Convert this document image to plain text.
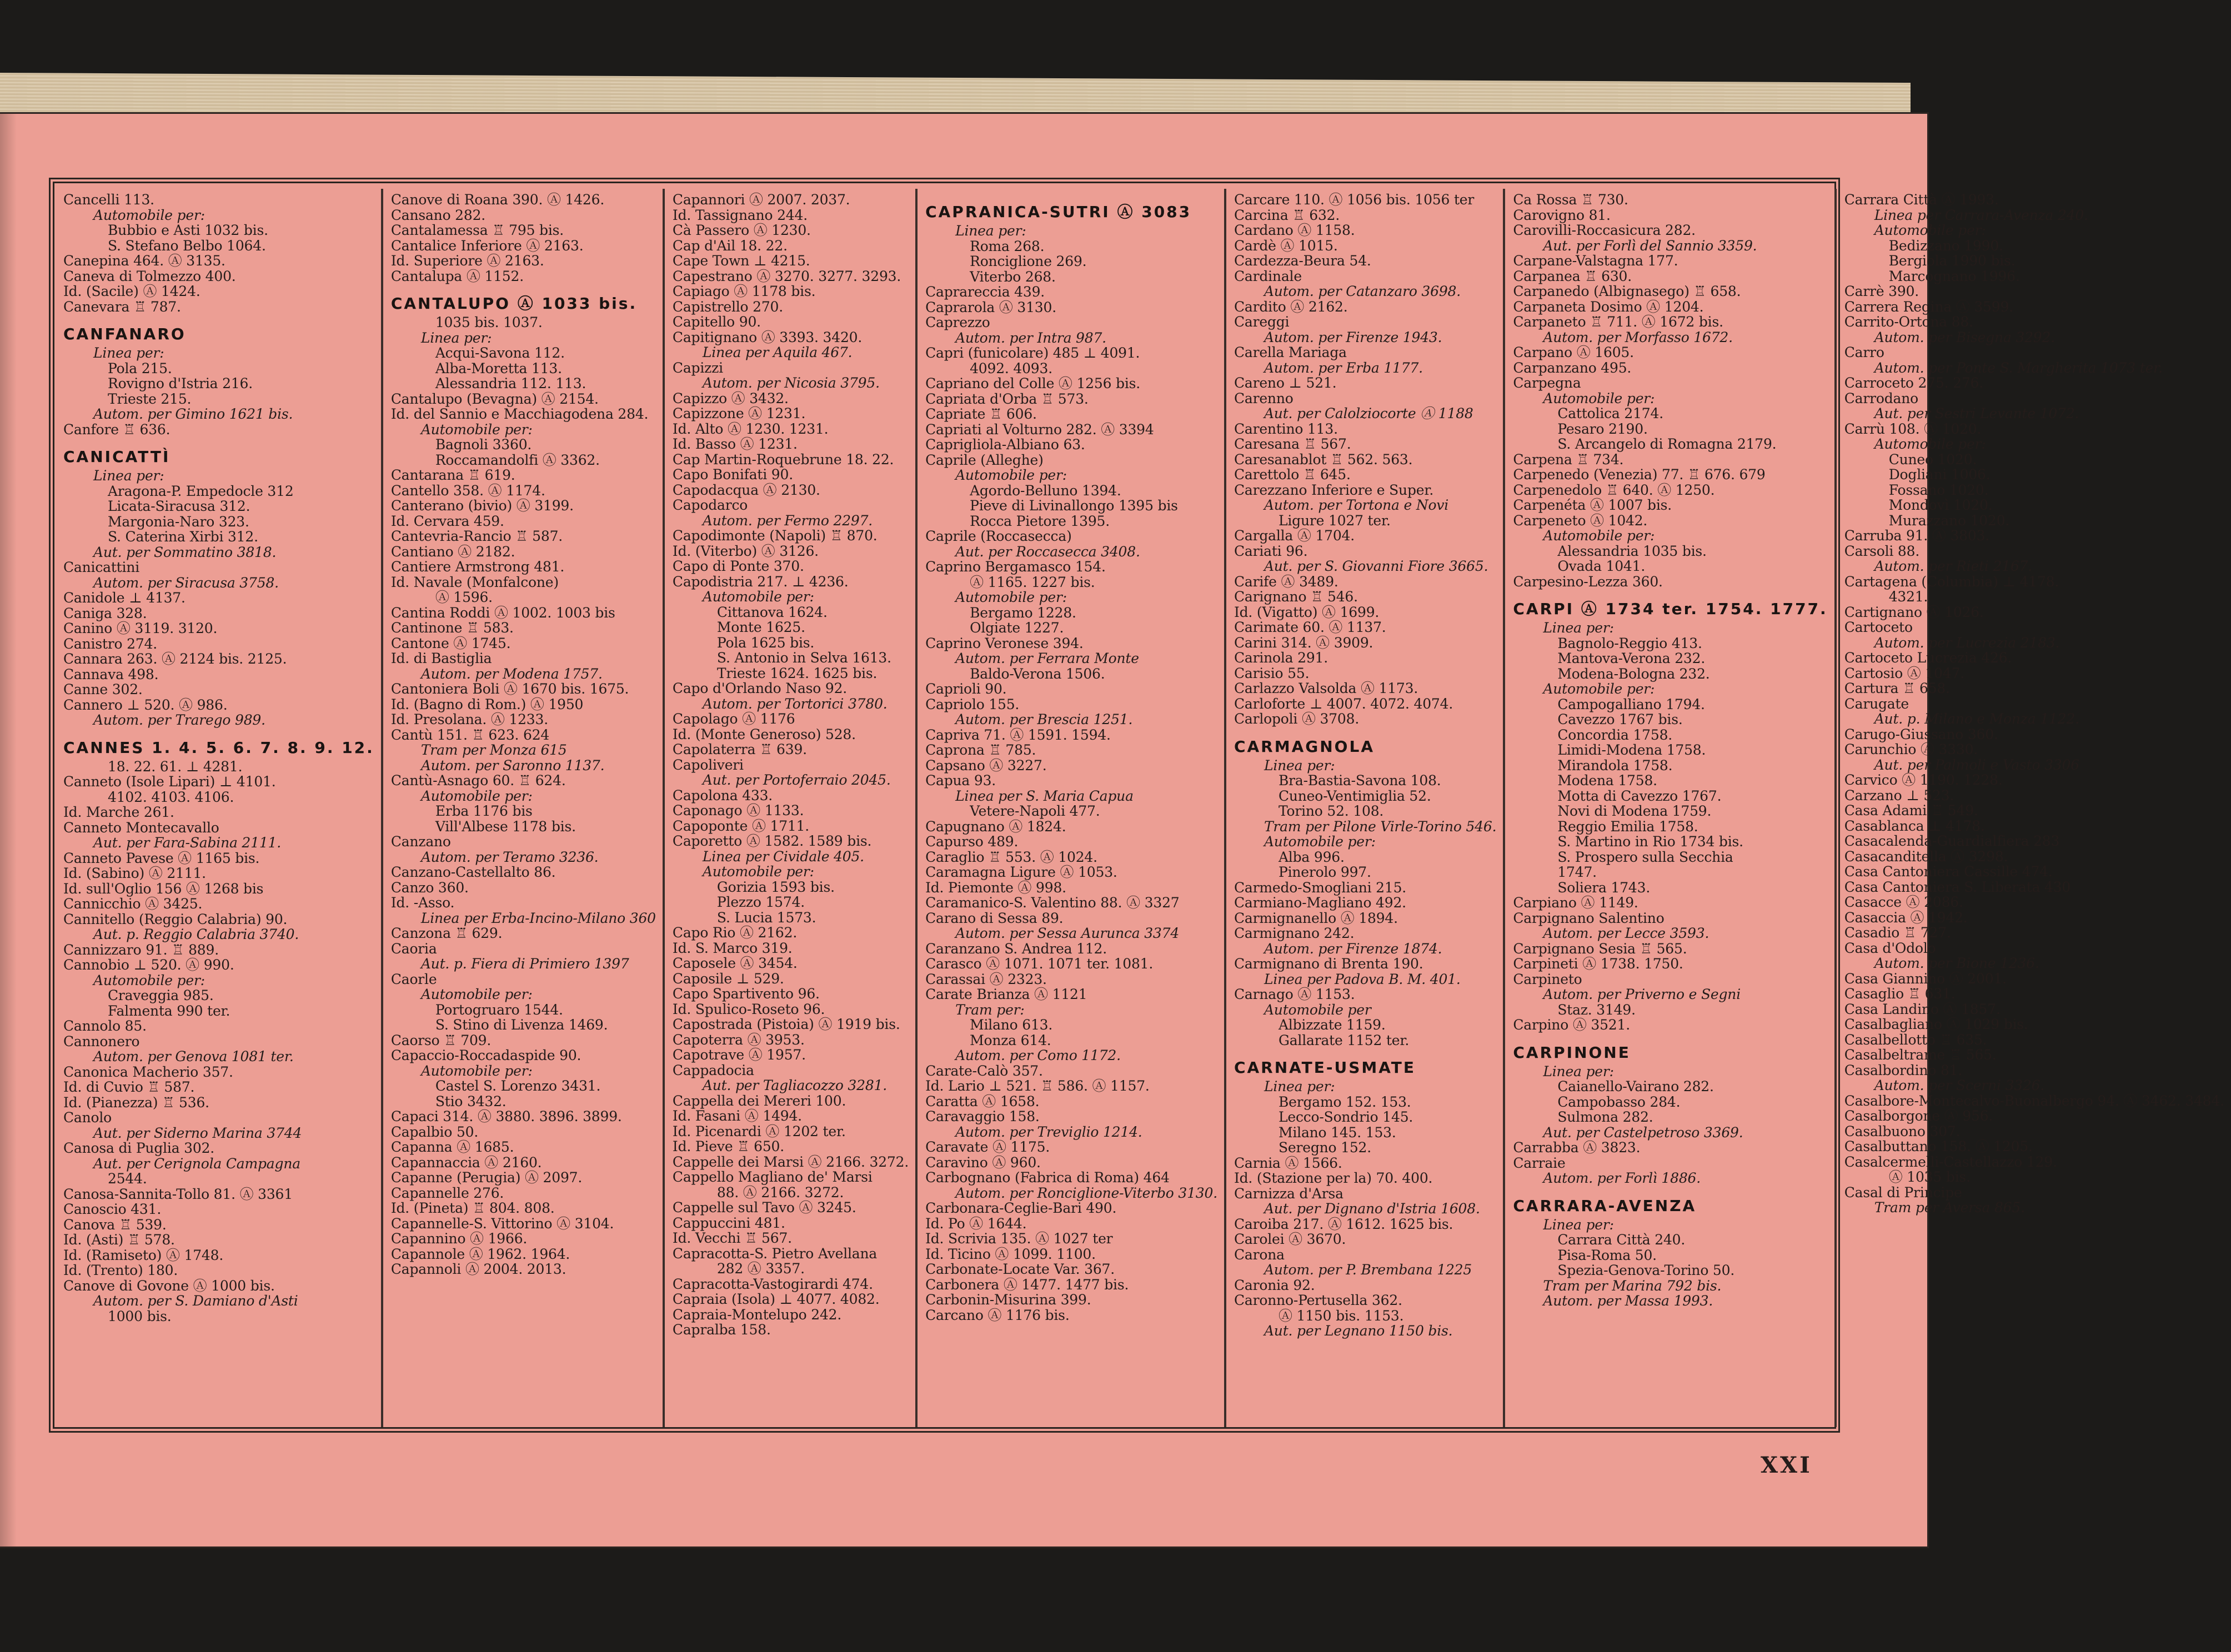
Cancelli 113.
Automobile per:
Bubbio e Asti 1032 bis.
S. Stefano Belbo 1064.
Canepina 464. Ⓐ 3135.
Caneva di Tolmezzo 400.
Id. (Sacile) Ⓐ 1424.
Canevara ♖ 787.
CANFANARO
Linea per:
Pola 215.
Rovigno d'Istria 216.
Trieste 215.
Autom. per Gimino 1621 bis.
Canfore ♖ 636.
CANICATTÌ
Linea per:
Aragona-P. Empedocle 312
Licata-Siracusa 312.
Margonia-Naro 323.
S. Caterina Xirbi 312.
Aut. per Sommatino 3818.
Canicattini
Autom. per Siracusa 3758.
Canidole ⊥ 4137.
Caniga 328.
Canino Ⓐ 3119. 3120.
Canistro 274.
Cannara 263. Ⓐ 2124 bis. 2125.
Cannava 498.
Canne 302.
Cannero ⊥ 520. Ⓐ 986.
Autom. per Trarego 989.
CANNES 1. 4. 5. 6. 7. 8. 9. 12.
18. 22. 61. ⊥ 4281.
Canneto (Isole Lipari) ⊥ 4101.
4102. 4103. 4106.
Id. Marche 261.
Canneto Montecavallo
Aut. per Fara-Sabina 2111.
Canneto Pavese Ⓐ 1165 bis.
Id. (Sabino) Ⓐ 2111.
Id. sull'Oglio 156 Ⓐ 1268 bis
Cannicchio Ⓐ 3425.
Cannitello (Reggio Calabria) 90.
Aut. p. Reggio Calabria 3740.
Cannizzaro 91. ♖ 889.
Cannobio ⊥ 520. Ⓐ 990.
Automobile per:
Craveggia 985.
Falmenta 990 ter.
Cannolo 85.
Cannonero
Autom. per Genova 1081 ter.
Canonica Macherio 357.
Id. di Cuvio ♖ 587.
Id. (Pianezza) ♖ 536.
Canolo
Aut. per Siderno Marina 3744
Canosa di Puglia 302.
Aut. per Cerignola Campagna
2544.
Canosa-Sannita-Tollo 81. Ⓐ 3361
Canoscio 431.
Canova ♖ 539.
Id. (Asti) ♖ 578.
Id. (Ramiseto) Ⓐ 1748.
Id. (Trento) 180.
Canove di Govone Ⓐ 1000 bis.
Autom. per S. Damiano d'Asti
1000 bis.
Canove di Roana 390. Ⓐ 1426.
Cansano 282.
Cantalamessa ♖ 795 bis.
Cantalice Inferiore Ⓐ 2163.
Id. Superiore Ⓐ 2163.
Cantalupa Ⓐ 1152.
CANTALUPO Ⓐ 1033 bis.
1035 bis. 1037.
Linea per:
Acqui-Savona 112.
Alba-Moretta 113.
Alessandria 112. 113.
Cantalupo (Bevagna) Ⓐ 2154.
Id. del Sannio e Macchiagodena 284.
Automobile per:
Bagnoli 3360.
Roccamandolfi Ⓐ 3362.
Cantarana ♖ 619.
Cantello 358. Ⓐ 1174.
Canterano (bivio) Ⓐ 3199.
Id. Cervara 459.
Cantevria-Rancio ♖ 587.
Cantiano Ⓐ 2182.
Cantiere Armstrong 481.
Id. Navale (Monfalcone)
Ⓐ 1596.
Cantina Roddi Ⓐ 1002. 1003 bis
Cantinone ♖ 583.
Cantone Ⓐ 1745.
Id. di Bastiglia
Autom. per Modena 1757.
Cantoniera Boli Ⓐ 1670 bis. 1675.
Id. (Bagno di Rom.) Ⓐ 1950
Id. Presolana. Ⓐ 1233.
Cantù 151. ♖ 623. 624
Tram per Monza 615
Autom. per Saronno 1137.
Cantù-Asnago 60. ♖ 624.
Automobile per:
Erba 1176 bis
Vill'Albese 1178 bis.
Canzano
Autom. per Teramo 3236.
Canzano-Castellalto 86.
Canzo 360.
Id. -Asso.
Linea per Erba-Incino-Milano 360
Canzona ♖ 629.
Caoria
Aut. p. Fiera di Primiero 1397
Caorle
Automobile per:
Portogruaro 1544.
S. Stino di Livenza 1469.
Caorso ♖ 709.
Capaccio-Roccadaspide 90.
Automobile per:
Castel S. Lorenzo 3431.
Stio 3432.
Capaci 314. Ⓐ 3880. 3896. 3899.
Capalbio 50.
Capanna Ⓐ 1685.
Capannaccia Ⓐ 2160.
Capanne (Perugia) Ⓐ 2097.
Capannelle 276.
Id. (Pineta) ♖ 804. 808.
Capannelle-S. Vittorino Ⓐ 3104.
Capannino Ⓐ 1966.
Capannole Ⓐ 1962. 1964.
Capannoli Ⓐ 2004. 2013.
Capannori Ⓐ 2007. 2037.
Id. Tassignano 244.
Cà Passero Ⓐ 1230.
Cap d'Ail 18. 22.
Cape Town ⊥ 4215.
Capestrano Ⓐ 3270. 3277. 3293.
Capiago Ⓐ 1178 bis.
Capistrello 270.
Capitello 90.
Capitignano Ⓐ 3393. 3420.
Linea per Aquila 467.
Capizzi
Autom. per Nicosia 3795.
Capizzo Ⓐ 3432.
Capizzone Ⓐ 1231.
Id. Alto Ⓐ 1230. 1231.
Id. Basso Ⓐ 1231.
Cap Martin-Roquebrune 18. 22.
Capo Bonifati 90.
Capodacqua Ⓐ 2130.
Capodarco
Autom. per Fermo 2297.
Capodimonte (Napoli) ♖ 870.
Id. (Viterbo) Ⓐ 3126.
Capo di Ponte 370.
Capodistria 217. ⊥ 4236.
Automobile per:
Cittanova 1624.
Monte 1625.
Pola 1625 bis.
S. Antonio in Selva 1613.
Trieste 1624. 1625 bis.
Capo d'Orlando Naso 92.
Autom. per Tortorici 3780.
Capolago Ⓐ 1176
Id. (Monte Generoso) 528.
Capolaterra ♖ 639.
Capoliveri
Aut. per Portoferraio 2045.
Capolona 433.
Caponago Ⓐ 1133.
Capoponte Ⓐ 1711.
Caporetto Ⓐ 1582. 1589 bis.
Linea per Cividale 405.
Automobile per:
Gorizia 1593 bis.
Plezzo 1574.
S. Lucia 1573.
Capo Rio Ⓐ 2162.
Id. S. Marco 319.
Caposele Ⓐ 3454.
Caposile ⊥ 529.
Capo Spartivento 96.
Id. Spulico-Roseto 96.
Capostrada (Pistoia) Ⓐ 1919 bis.
Capoterra Ⓐ 3953.
Capotrave Ⓐ 1957.
Cappadocia
Aut. per Tagliacozzo 3281.
Cappella dei Mereri 100.
Id. Fasani Ⓐ 1494.
Id. Picenardi Ⓐ 1202 ter.
Id. Pieve ♖ 650.
Cappelle dei Marsi Ⓐ 2166. 3272.
Cappello Magliano de' Marsi
88. Ⓐ 2166. 3272.
Cappelle sul Tavo Ⓐ 3245.
Cappuccini 481.
Id. Vecchi ♖ 567.
Capracotta-S. Pietro Avellana
282 Ⓐ 3357.
Capracotta-Vastogirardi 474.
Capraia (Isola) ⊥ 4077. 4082.
Capraia-Montelupo 242.
Capralba 158.
CAPRANICA-SUTRI Ⓐ 3083
Linea per:
Roma 268.
Ronciglione 269.
Viterbo 268.
Caprareccia 439.
Caprarola Ⓐ 3130.
Caprezzo
Autom. per Intra 987.
Capri (funicolare) 485 ⊥ 4091.
4092. 4093.
Capriano del Colle Ⓐ 1256 bis.
Capriata d'Orba ♖ 573.
Capriate ♖ 606.
Capriati al Volturno 282. Ⓐ 3394
Caprigliola-Albiano 63.
Caprile (Alleghe)
Automobile per:
Agordo-Belluno 1394.
Pieve di Livinallongo 1395 bis
Rocca Pietore 1395.
Caprile (Roccasecca)
Aut. per Roccasecca 3408.
Caprino Bergamasco 154.
Ⓐ 1165. 1227 bis.
Automobile per:
Bergamo 1228.
Olgiate 1227.
Caprino Veronese 394.
Autom. per Ferrara Monte
Baldo-Verona 1506.
Caprioli 90.
Capriolo 155.
Autom. per Brescia 1251.
Capriva 71. Ⓐ 1591. 1594.
Caprona ♖ 785.
Capsano Ⓐ 3227.
Capua 93.
Linea per S. Maria Capua
Vetere-Napoli 477.
Capugnano Ⓐ 1824.
Capurso 489.
Caraglio ♖ 553. Ⓐ 1024.
Caramagna Ligure Ⓐ 1053.
Id. Piemonte Ⓐ 998.
Caramanico-S. Valentino 88. Ⓐ 3327
Carano di Sessa 89.
Autom. per Sessa Aurunca 3374
Caranzano S. Andrea 112.
Carasco Ⓐ 1071. 1071 ter. 1081.
Carassai Ⓐ 2323.
Carate Brianza Ⓐ 1121
Tram per:
Milano 613.
Monza 614.
Autom. per Como 1172.
Carate-Calò 357.
Id. Lario ⊥ 521. ♖ 586. Ⓐ 1157.
Caratta Ⓐ 1658.
Caravaggio 158.
Autom. per Treviglio 1214.
Caravate Ⓐ 1175.
Caravino Ⓐ 960.
Carbognano (Fabrica di Roma) 464
Autom. per Ronciglione-Viterbo 3130.
Carbonara-Ceglie-Bari 490.
Id. Po Ⓐ 1644.
Id. Scrivia 135. Ⓐ 1027 ter
Id. Ticino Ⓐ 1099. 1100.
Carbonate-Locate Var. 367.
Carbonera Ⓐ 1477. 1477 bis.
Carbonin-Misurina 399.
Carcano Ⓐ 1176 bis.
Carcare 110. Ⓐ 1056 bis. 1056 ter
Carcina ♖ 632.
Cardano Ⓐ 1158.
Cardè Ⓐ 1015.
Cardezza-Beura 54.
Cardinale
Autom. per Catanzaro 3698.
Cardito Ⓐ 2162.
Careggi
Autom. per Firenze 1943.
Carella Mariaga
Autom. per Erba 1177.
Careno ⊥ 521.
Carenno
Aut. per Calolziocorte Ⓐ 1188
Carentino 113.
Caresana ♖ 567.
Caresanablot ♖ 562. 563.
Carettolo ♖ 645.
Carezzano Inferiore e Super.
Autom. per Tortona e Novi
Ligure 1027 ter.
Cargalla Ⓐ 1704.
Cariati 96.
Aut. per S. Giovanni Fiore 3665.
Carife Ⓐ 3489.
Carignano ♖ 546.
Id. (Vigatto) Ⓐ 1699.
Carimate 60. Ⓐ 1137.
Carini 314. Ⓐ 3909.
Carinola 291.
Carisio 55.
Carlazzo Valsolda Ⓐ 1173.
Carloforte ⊥ 4007. 4072. 4074.
Carlopoli Ⓐ 3708.
CARMAGNOLA
Linea per:
Bra-Bastia-Savona 108.
Cuneo-Ventimiglia 52.
Torino 52. 108.
Tram per Pilone Virle-Torino 546.
Automobile per:
Alba 996.
Pinerolo 997.
Carmedo-Smogliani 215.
Carmiano-Magliano 492.
Carmignanello Ⓐ 1894.
Carmignano 242.
Autom. per Firenze 1874.
Carmignano di Brenta 190.
Linea per Padova B. M. 401.
Carnago Ⓐ 1153.
Automobile per
Albizzate 1159.
Gallarate 1152 ter.
CARNATE-USMATE
Linea per:
Bergamo 152. 153.
Lecco-Sondrio 145.
Milano 145. 153.
Seregno 152.
Carnia Ⓐ 1566.
Id. (Stazione per la) 70. 400.
Carnizza d'Arsa
Aut. per Dignano d'Istria 1608.
Caroiba 217. Ⓐ 1612. 1625 bis.
Carolei Ⓐ 3670.
Carona
Autom. per P. Brembana 1225
Caronia 92.
Caronno-Pertusella 362.
Ⓐ 1150 bis. 1153.
Aut. per Legnano 1150 bis.
Ca Rossa ♖ 730.
Carovigno 81.
Carovilli-Roccasicura 282.
Aut. per Forlì del Sannio 3359.
Carpane-Valstagna 177.
Carpanea ♖ 630.
Carpanedo (Albignasego) ♖ 658.
Carpaneta Dosimo Ⓐ 1204.
Carpaneto ♖ 711. Ⓐ 1672 bis.
Autom. per Morfasso 1672.
Carpano Ⓐ 1605.
Carpanzano 495.
Carpegna
Automobile per:
Cattolica 2174.
Pesaro 2190.
S. Arcangelo di Romagna 2179.
Carpena ♖ 734.
Carpenedo (Venezia) 77. ♖ 676. 679
Carpenedolo ♖ 640. Ⓐ 1250.
Carpenéta Ⓐ 1007 bis.
Carpeneto Ⓐ 1042.
Automobile per:
Alessandria 1035 bis.
Ovada 1041.
Carpesino-Lezza 360.
CARPI Ⓐ 1734 ter. 1754. 1777.
Linea per:
Bagnolo-Reggio 413.
Mantova-Verona 232.
Modena-Bologna 232.
Automobile per:
Campogalliano 1794.
Cavezzo 1767 bis.
Concordia 1758.
Limidi-Modena 1758.
Mirandola 1758.
Modena 1758.
Motta di Cavezzo 1767.
Novi di Modena 1759.
Reggio Emilia 1758.
S. Martino in Rio 1734 bis.
S. Prospero sulla Secchia
1747.
Soliera 1743.
Carpiano Ⓐ 1149.
Carpignano Salentino
Autom. per Lecce 3593.
Carpignano Sesia ♖ 565.
Carpineti Ⓐ 1738. 1750.
Carpineto
Autom. per Priverno e Segni
Staz. 3149.
Carpino Ⓐ 3521.
CARPINONE
Linea per:
Caianello-Vairano 282.
Campobasso 284.
Sulmona 282.
Aut. per Castelpetroso 3369.
Carrabba Ⓐ 3823.
Carraie
Autom. per Forlì 1886.
CARRARA-AVENZA
Linea per:
Carrara Città 240.
Pisa-Roma 50.
Spezia-Genova-Torino 50.
Tram per Marina 792 bis.
Autom. per Massa 1993.
Carrara Città Ⓐ 1993.
Linea per Carrara-Avenza 240.
Automobile per:
Bedizzano 1990.
Bergiola 1990 bis.
Marcognano 1996.
Carrè 390.
Carrera Regina Ⓐ 3599.
Carrito-Ortona 88.
Autom. per Bisegna 3292.
Carro
Autom. per Ponte S. Margherita 1073 ter.
Carroceto 275. 276.
Carrodano
Aut. per Sestri Levante 1072.
Carrù 108. Ⓐ 1020.
Automobile per:
Cuneo 1020.
Dogliani 1006.
Fossano 1020.
Mondovì 1020.
Murazzano 1020.
Carruba 91. Ⓐ 3803.
Carsoli 88.
Autom. per Rieti 2167.
Cartagena (Columbia) ⊥ 4178.
4321.
Cartignano Ⓐ 1026.
Cartoceto
Autom. per Lucrezia 2183.
Cartoceto Lucrezia 426.
Cartosio Ⓐ 1047.
Cartura ♖ 658.
Carugate
Aut. p. Milano e Monza 1122.
Carugo-Giussano 360.
Carunchio Ⓐ 3330.
Aut. per Palmoli e Vasto 3306
Carvico Ⓐ 1190. 1228.
Carzano ⊥ 523.
Casa Adami ♖ 549.
Casablanca ⊥ 4178.
Casacalenda-Guardialfiera 283
Casacanditella Ⓐ 3298.
Casa Cantoniera Cassille 474.
Casa Cantoniera S. Liberata 430
Casacce Ⓐ 2086.
Casaccia Ⓐ 1942.
Casadio ♖ 727.
Casa d'Odolo
Autom. per Bione 1236.
Casa Giannino Ⓐ 2001.
Casaglio ♖ 631.
Casa Landino Ⓐ 1857.
Casalbagliano Ⓐ 1029 bis.
Casalbellotto ♖ 635.
Casalbeltrame ♖ 565.
Casalbordino 81.
Autom. per Scerni 3326.
Casalbore-Montecalvo-Buonalbergo 94. Ⓐ 3462. 3484.
Casalborgone Ⓐ 956.
Casalbuono 307.
Casalbuttano 158. Ⓐ 1205.
Casalcermelli-Castellazzo 129.
Ⓐ 1035 bis.
Casal di Principe
Tram per Aversa 865.
XXI
